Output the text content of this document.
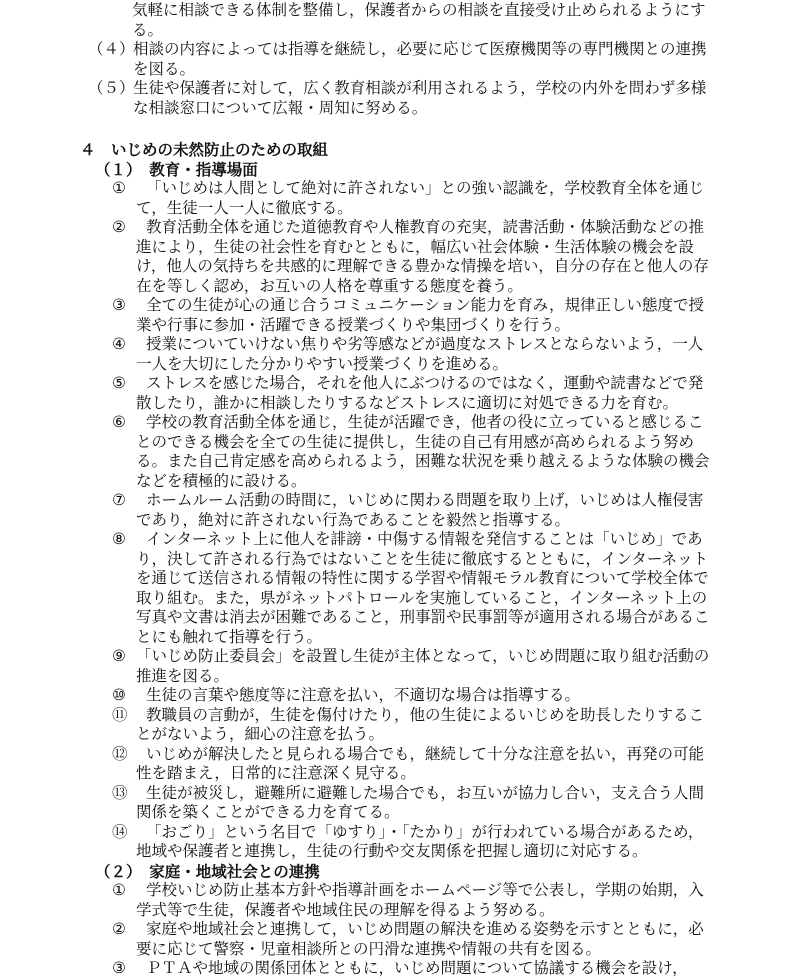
気軽に相談できる体制を整備し，保護者からの相談を直接受け止められるようにする。
（４）
相談の内容によっては指導を継続し，必要に応じて医療機関等の専門機関との連携を図る。
（５）
生徒や保護者に対して，広く教育相談が利用されるよう，学校の内外を問わず多様な相談窓口について広報・周知に努める。
４　いじめの未然防止のための取組
（１）　教育・指導場面
①	「いじめは人間として絶対に許されない」との強い認識を，学校教育全体を通じて，生徒一人一人に徹底する。
②	教育活動全体を通じた道徳教育や人権教育の充実，読書活動・体験活動などの推進により，生徒の社会性を育むとともに，幅広い社会体験・生活体験の機会を設け，他人の気持ちを共感的に理解できる豊かな情操を培い，自分の存在と他人の存在を等しく認め，お互いの人格を尊重する態度を養う。
③	全ての生徒が心の通じ合うコミュニケーション能力を育み，規律正しい態度で授業や行事に参加・活躍できる授業づくりや集団づくりを行う。
④	授業についていけない焦りや劣等感などが過度なストレスとならないよう，一人一人を大切にした分かりやすい授業づくりを進める。
⑤	ストレスを感じた場合，それを他人にぶつけるのではなく，運動や読書などで発散したり，誰かに相談したりするなどストレスに適切に対処できる力を育む。
⑥	学校の教育活動全体を通じ，生徒が活躍でき，他者の役に立っていると感じることのできる機会を全ての生徒に提供し，生徒の自己有用感が高められるよう努める。また自己肯定感を高められるよう，困難な状況を乗り越えるような体験の機会などを積極的に設ける。
⑦	ホームルーム活動の時間に，いじめに関わる問題を取り上げ，いじめは人権侵害であり，絶対に許されない行為であることを毅然と指導する。
⑧	インターネット上に他人を誹謗・中傷する情報を発信することは「いじめ」であり，決して許される行為ではないことを生徒に徹底するとともに，インターネットを通じて送信される情報の特性に関する学習や情報モラル教育について学校全体で取り組む。また，県がネットパトロールを実施していること，インターネット上の写真や文書は消去が困難であること，刑事罰や民事罰等が適用される場合があることにも触れて指導を行う。
⑨ 「いじめ防止委員会」を設置し生徒が主体となって，いじめ問題に取り組む活動の推進を図る。
⑩	生徒の言葉や態度等に注意を払い，不適切な場合は指導する。
⑪	教職員の言動が，生徒を傷付けたり，他の生徒によるいじめを助長したりすることがないよう，細心の注意を払う。
⑫	いじめが解決したと見られる場合でも，継続して十分な注意を払い，再発の可能性を踏まえ，日常的に注意深く見守る。
⑬	生徒が被災し，避難所に避難した場合でも，お互いが協力し合い，支え合う人間関係を築くことができる力を育てる。
⑭	「おごり」という名目で「ゆすり」・「たかり」が行われている場合があるため，地域や保護者と連携し，生徒の行動や交友関係を把握し適切に対応する。
（２）　家庭・地域社会との連携
①	学校いじめ防止基本方針や指導計画をホームページ等で公表し，学期の始期，入学式等で生徒，保護者や地域住民の理解を得るよう努める。
②	家庭や地域社会と連携して，いじめ問題の解決を進める姿勢を示すとともに，必要に応じて警察・児童相談所との円滑な連携や情報の共有を図る。
③	ＰＴＡや地域の関係団体とともに，いじめ問題について協議する機会を設け，
